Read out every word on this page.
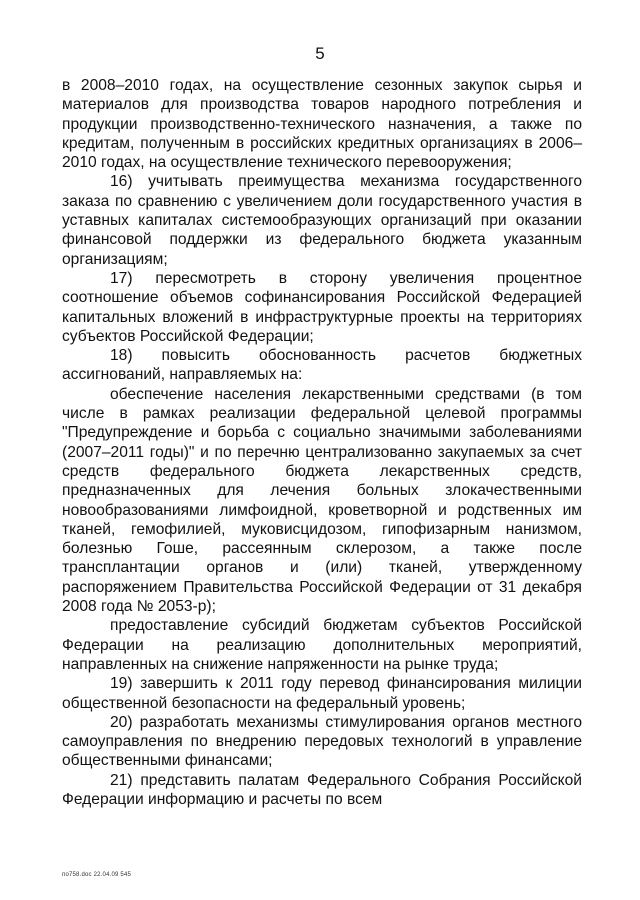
5

в 2008–2010 годах, на осуществление сезонных закупок сырья и материалов для производства товаров народного потребления и продукции производственно-технического назначения, а также по кредитам, полученным в российских кредитных организациях в 2006–2010 годах, на осуществление технического перевооружения;

16) учитывать преимущества механизма государственного заказа по сравнению с увеличением доли государственного участия в уставных капиталах системообразующих организаций при оказании финансовой поддержки из федерального бюджета указанным организациям;

17) пересмотреть в сторону увеличения процентное соотношение объемов софинансирования Российской Федерацией капитальных вложений в инфраструктурные проекты на территориях субъектов Российской Федерации;

18) повысить обоснованность расчетов бюджетных ассигнований, направляемых на:

обеспечение населения лекарственными средствами (в том числе в рамках реализации федеральной целевой программы "Предупреждение и борьба с социально значимыми заболеваниями (2007–2011 годы)" и по перечню централизованно закупаемых за счет средств федерального бюджета лекарственных средств, предназначенных для лечения больных злокачественными новообразованиями лимфоидной, кроветворной и родственных им тканей, гемофилией, муковисцидозом, гипофизарным нанизмом, болезнью Гоше, рассеянным склерозом, а также после трансплантации органов и (или) тканей, утвержденному распоряжением Правительства Российской Федерации от 31 декабря 2008 года № 2053-р);

предоставление субсидий бюджетам субъектов Российской Федерации на реализацию дополнительных мероприятий, направленных на снижение напряженности на рынке труда;

19) завершить к 2011 году перевод финансирования милиции общественной безопасности на федеральный уровень;

20) разработать механизмы стимулирования органов местного самоуправления по внедрению передовых технологий в управление общественными финансами;

21) представить палатам Федерального Собрания Российской Федерации информацию и расчеты по всем

по758.doc 22.04.09 545
